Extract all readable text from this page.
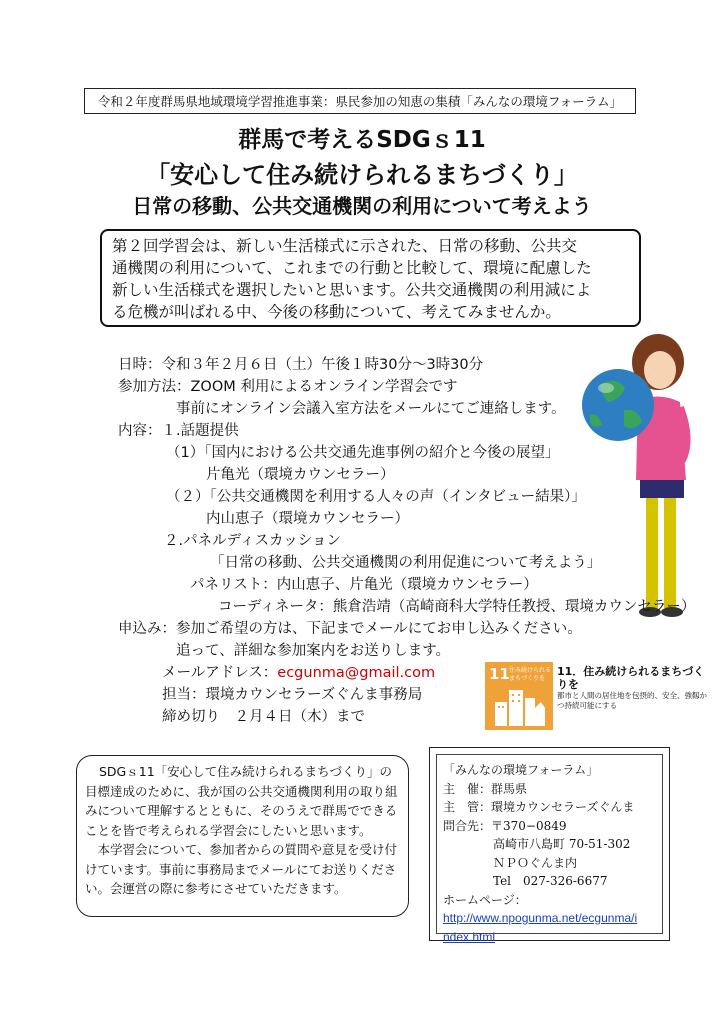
令和２年度群馬県地域環境学習推進事業：県民参加の知恵の集積「みんなの環境フォーラム」
群馬で考えるSDGｓ11
「安心して住み続けられるまちづくり」
日常の移動、公共交通機関の利用について考えよう
第２回学習会は、新しい生活様式に示された、日常の移動、公共交
通機関の利用について、これまでの行動と比較して、環境に配慮した
新しい生活様式を選択したいと思います。公共交通機関の利用減によ
る危機が叫ばれる中、今後の移動について、考えてみませんか。
日時：令和３年２月６日（土）午後１時30分〜3時30分
参加方法：ZOOM 利用によるオンライン学習会です
事前にオンライン会議入室方法をメールにてご連絡します。
内容：１.話題提供
（1）「国内における公共交通先進事例の紹介と今後の展望」
片亀光（環境カウンセラー）
（２）「公共交通機関を利用する人々の声（インタビュー結果）」
内山恵子（環境カウンセラー）
２.パネルディスカッション
「日常の移動、公共交通機関の利用促進について考えよう」
パネリスト：内山恵子、片亀光（環境カウンセラー）
コーディネータ：熊倉浩靖（高崎商科大学特任教授、環境カウンセラー）
申込み：参加ご希望の方は、下記までメールにてお申し込みください。
追って、詳細な参加案内をお送りします。
メールアドレス：ecgunma@gmail.com
担当：環境カウンセラーズぐんま事務局
締め切り　２月４日（木）まで
11 住み続けられる
まちづくりを
11．住み続けられるまちづくりを
都市と人間の居住地を包摂的、安全、強靱かつ持続可能にする
SDGｓ11「安心して住み続けられるまちづくり」の
目標達成のために、我が国の公共交通機関利用の取り組
みについて理解するとともに、そのうえで群馬でできる
ことを皆で考えられる学習会にしたいと思います。
　本学習会について、参加者からの質問や意見を受け付
けています。事前に事務局までメールにてお送りくださ
い。会運営の際に参考にさせていただきます。
「みんなの環境フォーラム」
主　催：群馬県
主　管：環境カウンセラーズぐんま
問合先：〒370−0849
高崎市八島町 70-51-302
ＮＰＯぐんま内
Tel　027-326-6677
ホームページ：
http://www.npogunma.net/ecgunma/i
ndex.html
